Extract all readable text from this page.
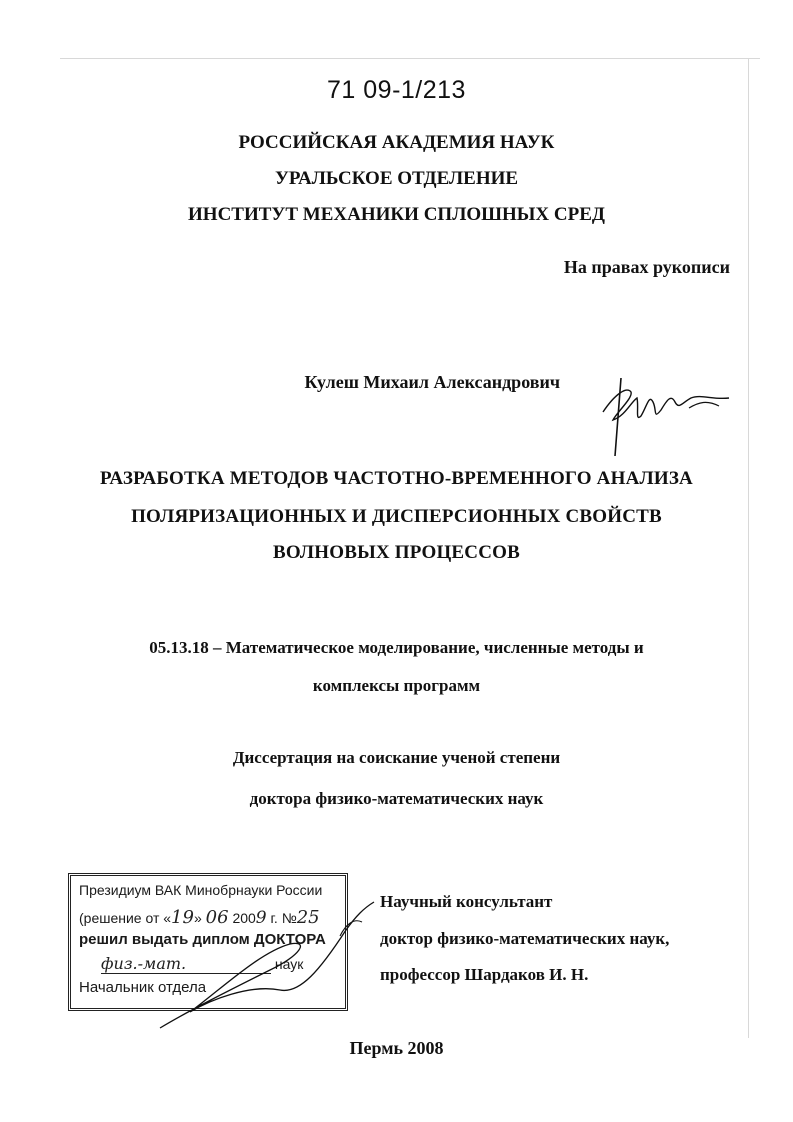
71 09-1/213
РОССИЙСКАЯ АКАДЕМИЯ НАУК
УРАЛЬСКОЕ ОТДЕЛЕНИЕ
ИНСТИТУТ МЕХАНИКИ СПЛОШНЫХ СРЕД
На правах рукописи
Кулеш Михаил Александрович
РАЗРАБОТКА МЕТОДОВ ЧАСТОТНО-ВРЕМЕННОГО АНАЛИЗА
ПОЛЯРИЗАЦИОННЫХ И ДИСПЕРСИОННЫХ СВОЙСТВ
ВОЛНОВЫХ ПРОЦЕССОВ
05.13.18 – Математическое моделирование, численные методы и
комплексы программ
Диссертация на соискание ученой степени
доктора физико-математических наук
Президиум ВАК Минобрнауки России
(решение от «19» 06 2009 г. №25
решил выдать диплом ДОКТОРА
физ.-мат.	наук
Начальник отдела
Научный консультант
доктор физико-математических наук,
профессор Шардаков И. Н.
Пермь 2008
